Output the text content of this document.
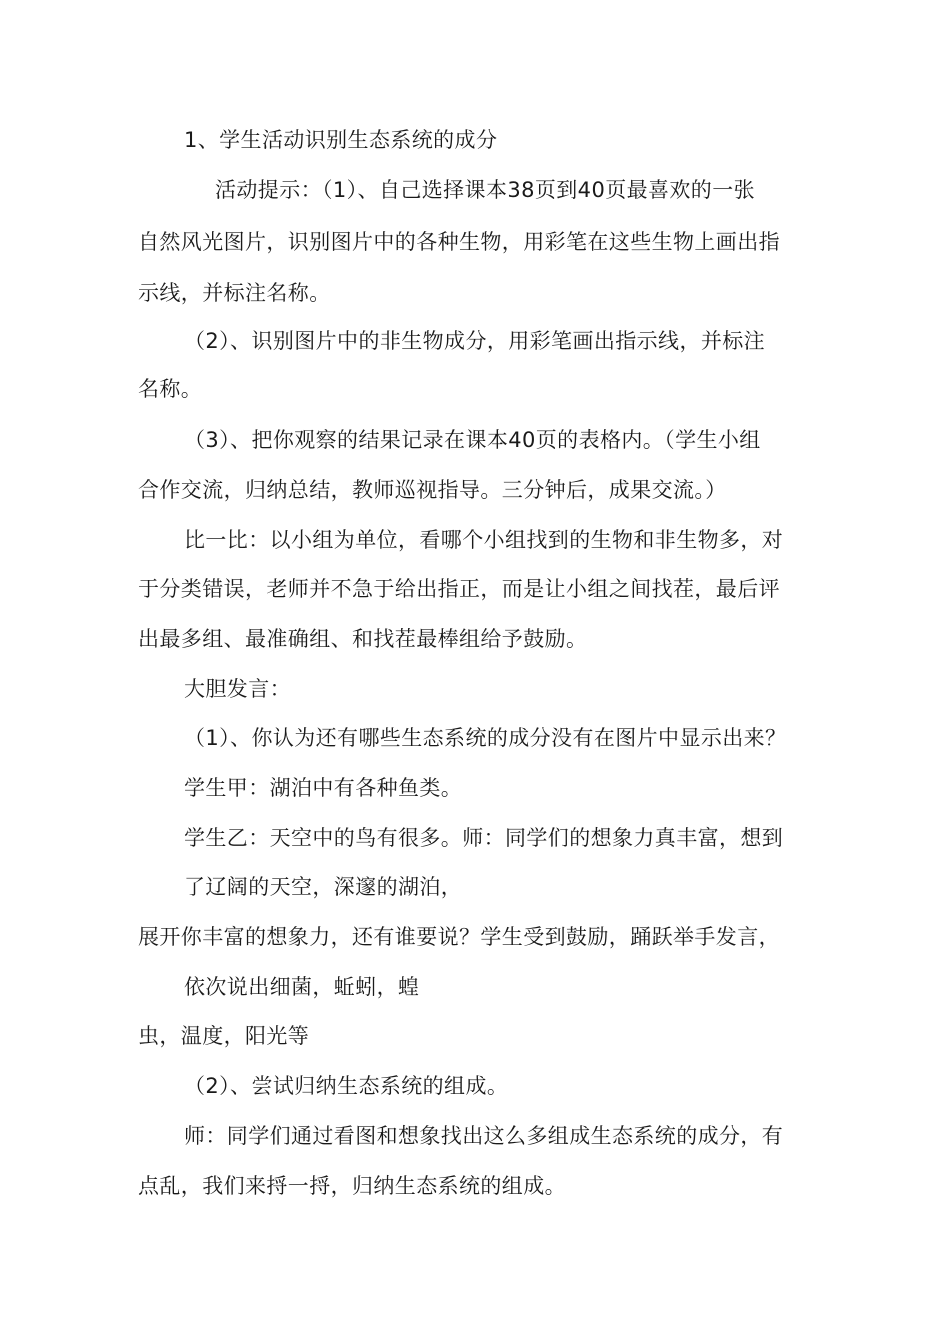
1、学生活动识别生态系统的成分
活动提示：（1）、自己选择课本38页到40页最喜欢的一张
自然风光图片，识别图片中的各种生物，用彩笔在这些生物上画出指
示线，并标注名称。
（2）、识别图片中的非生物成分，用彩笔画出指示线，并标注
名称。
（3）、把你观察的结果记录在课本40页的表格内。（学生小组
合作交流，归纳总结，教师巡视指导。三分钟后，成果交流。）
比一比：以小组为单位，看哪个小组找到的生物和非生物多，对
于分类错误，老师并不急于给出指正，而是让小组之间找茬，最后评
出最多组、最准确组、和找茬最棒组给予鼓励。
大胆发言：
（1）、你认为还有哪些生态系统的成分没有在图片中显示出来？
学生甲：湖泊中有各种鱼类。
学生乙：天空中的鸟有很多。师：同学们的想象力真丰富，想到
了辽阔的天空，深邃的湖泊，
展开你丰富的想象力，还有谁要说？学生受到鼓励，踊跃举手发言，
依次说出细菌，蚯蚓，蝗
虫，温度，阳光等
（2）、尝试归纳生态系统的组成。
师：同学们通过看图和想象找出这么多组成生态系统的成分，有
点乱，我们来捋一捋，归纳生态系统的组成。
